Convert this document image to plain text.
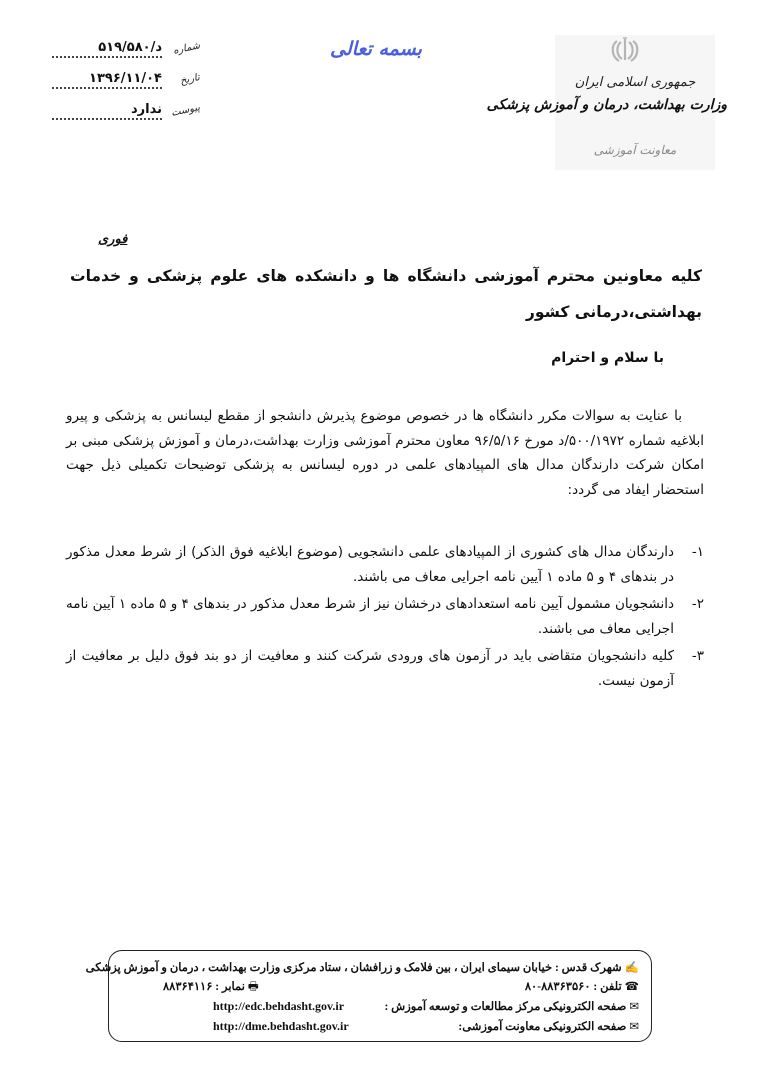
د/۵۱۹/۵۸۰ شماره
۱۳۹۶/۱۱/۰۴ تاریخ
ندارد پیوست
بسمه تعالی
جمهوری اسلامی ایران
وزارت بهداشت، درمان و آموزش پزشکی
معاونت آموزشی
فوری
کلیه معاونین محترم آموزشی دانشگاه ها و دانشکده های علوم پزشکی و خدمات بهداشتی،درمانی کشور
با سلام و احترام

با عنایت به سوالات مکرر دانشگاه ها در خصوص موضوع پذیرش دانشجو از مقطع لیسانس به پزشکی و پیرو ابلاغیه شماره ۵۰۰/۱۹۷۲/د مورخ ۹۶/۵/۱۶ معاون محترم آموزشی وزارت بهداشت،درمان و آموزش پزشکی مبنی بر امکان شرکت دارندگان مدال های المپیادهای علمی در دوره لیسانس به پزشکی توضیحات تکمیلی ذیل جهت استحضار ایفاد می گردد:

۱-
دارندگان مدال های کشوری از المپیادهای علمی دانشجویی (موضوع ابلاغیه فوق الذکر) از شرط معدل مذکور در بندهای ۴ و ۵ ماده ۱ آیین نامه اجرایی معاف می باشند.
۲-
دانشجویان مشمول آیین نامه استعدادهای درخشان نیز از شرط معدل مذکور در بندهای ۴ و ۵ ماده ۱ آیین نامه اجرایی معاف می باشند.
۳-
کلیه دانشجویان متقاضی باید در آزمون های ورودی شرکت کنند و معافیت از دو بند فوق دلیل بر معافیت از آزمون نیست.
✍شهرک قدس : خیابان سیمای ایران ، بین فلامک و زرافشان ، ستاد مرکزی وزارت بهداشت ، درمان و آموزش پزشکی
☎تلفن : ۸۸۳۶۳۵۶۰-۸۰
🖶نمابر : ۸۸۳۶۴۱۱۶
✉صفحه الکترونیکی مرکز مطالعات و توسعه آموزش :
http://edc.behdasht.gov.ir
✉صفحه الکترونیکی معاونت آموزشی:
http://dme.behdasht.gov.ir
